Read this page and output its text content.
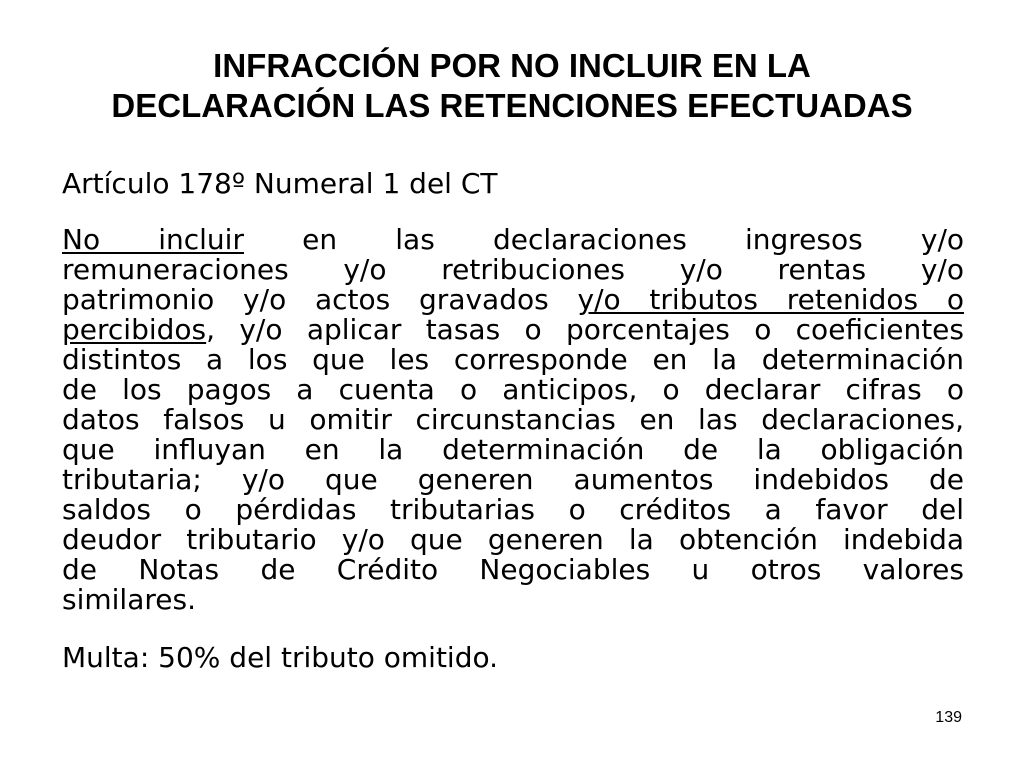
INFRACCIÓN POR NO INCLUIR EN LA
DECLARACIÓN LAS RETENCIONES EFECTUADAS

Artículo 178º Numeral 1 del CT

No incluir en las declaraciones ingresos y/o
remuneraciones y/o retribuciones y/o rentas y/o
patrimonio y/o actos gravados y/o tributos retenidos o
percibidos, y/o aplicar tasas o porcentajes o coeficientes
distintos a los que les corresponde en la determinación
de los pagos a cuenta o anticipos, o declarar cifras o
datos falsos u omitir circunstancias en las declaraciones,
que influyan en la determinación de la obligación
tributaria; y/o que generen aumentos indebidos de
saldos o pérdidas tributarias o créditos a favor del
deudor tributario y/o que generen la obtención indebida
de Notas de Crédito Negociables u otros valores
similares.

Multa: 50% del tributo omitido.

139
